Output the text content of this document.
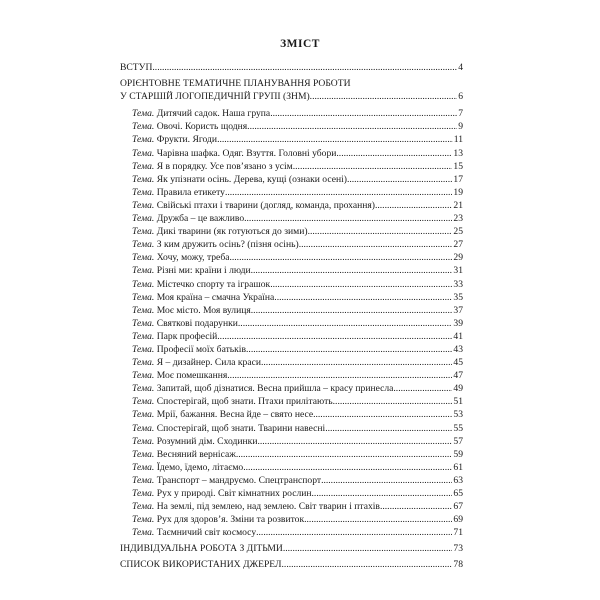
ЗМІСТ
ВСТУП .....	4
ОРІЄНТОВНЕ ТЕМАТИЧНЕ ПЛАНУВАННЯ РОБОТИ
У СТАРШІЙ ЛОГОПЕДИЧНІЙ ГРУПІ (ЗНМ) .....	6
Тема. Дитячий садок. Наша група .....	7
Тема. Овочі. Користь щодня .....	9
Тема. Фрукти. Ягоди .....	11
Тема. Чарівна шафка. Одяг. Взуття. Головні убори .....	13
Тема. Я в порядку. Усе пов’язано з усім .....	15
Тема. Як упізнати осінь. Дерева, кущі (ознаки осені) .....	17
Тема. Правила етикету .....	19
Тема. Свійські птахи і тварини (догляд, команда, прохання) .....	21
Тема. Дружба – це важливо .....	23
Тема. Дикі тварини (як готуються до зими) .....	25
Тема. З ким дружить осінь? (пізня осінь) .....	27
Тема. Хочу, можу, треба .....	29
Тема. Різні ми: країни і люди .....	31
Тема. Містечко спорту та іграшок .....	33
Тема. Моя країна – смачна Україна .....	35
Тема. Моє місто. Моя вулиця .....	37
Тема. Святкові подарунки .....	39
Тема. Парк професій .....	41
Тема. Професії моїх батьків .....	43
Тема. Я – дизайнер. Сила краси .....	45
Тема. Моє помешкання .....	47
Тема. Запитай, щоб дізнатися. Весна прийшла – красу принесла .....	49
Тема. Спостерігай, щоб знати. Птахи прилітають .....	51
Тема. Мрії, бажання. Весна йде – свято несе .....	53
Тема. Спостерігай, щоб знати. Тварини навесні .....	55
Тема. Розумний дім. Сходинки .....	57
Тема. Весняний вернісаж .....	59
Тема. Їдемо, їдемо, літаємо .....	61
Тема. Транспорт – мандруємо. Спецтранспорт .....	63
Тема. Рух у природі. Світ кімнатних рослин .....	65
Тема. На землі, під землею, над землею. Світ тварин і птахів .....	67
Тема. Рух для здоров’я. Зміни та розвиток .....	69
Тема. Таємничий світ космосу .....	71
ІНДИВІДУАЛЬНА РОБОТА З ДІТЬМИ .....	73
СПИСОК ВИКОРИСТАНИХ ДЖЕРЕЛ .....	78
